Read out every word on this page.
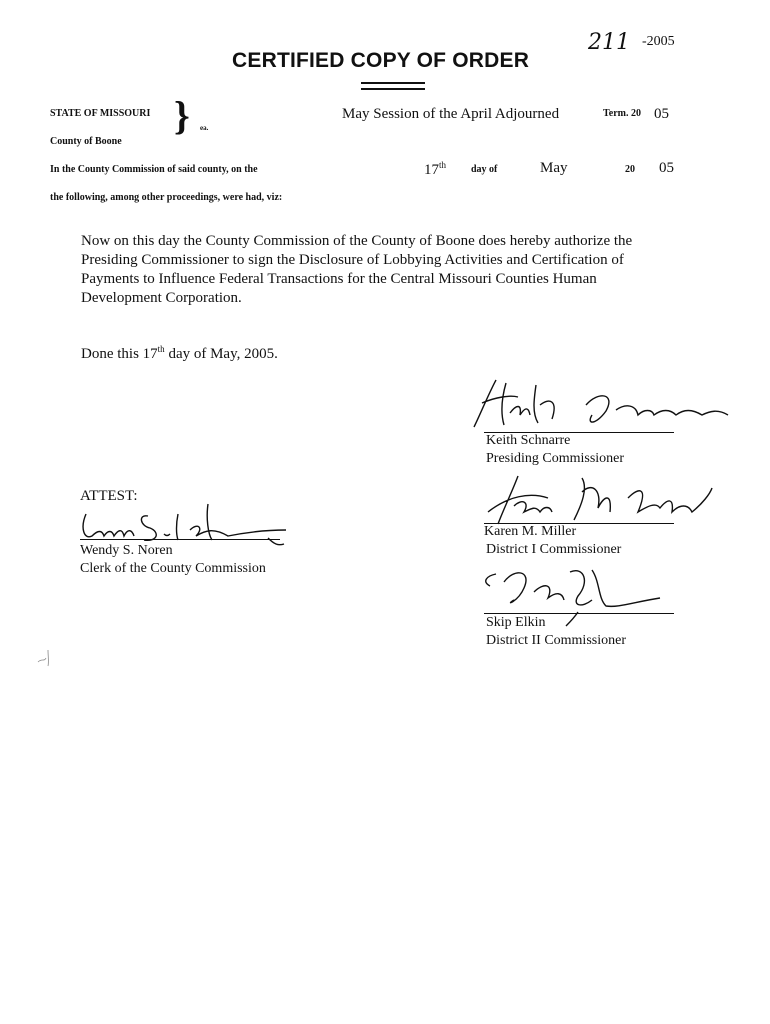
211 -2005
CERTIFIED COPY OF ORDER
STATE OF MISSOURI
County of Boone
} ea.
May Session of the April Adjourned	Term. 20 05
In the County Commission of said county, on the	17th day of	May	20 05
the following, among other proceedings, were had, viz:
Now on this day the County Commission of the County of Boone does hereby authorize the Presiding Commissioner to sign the Disclosure of Lobbying Activities and Certification of Payments to Influence Federal Transactions for the Central Missouri Counties Human Development Corporation.
Done this 17th day of May, 2005.
Keith Schnarre
Presiding Commissioner
Karen M. Miller
District I Commissioner
Skip Elkin
District II Commissioner
ATTEST:
Wendy S. Noren
Clerk of the County Commission
